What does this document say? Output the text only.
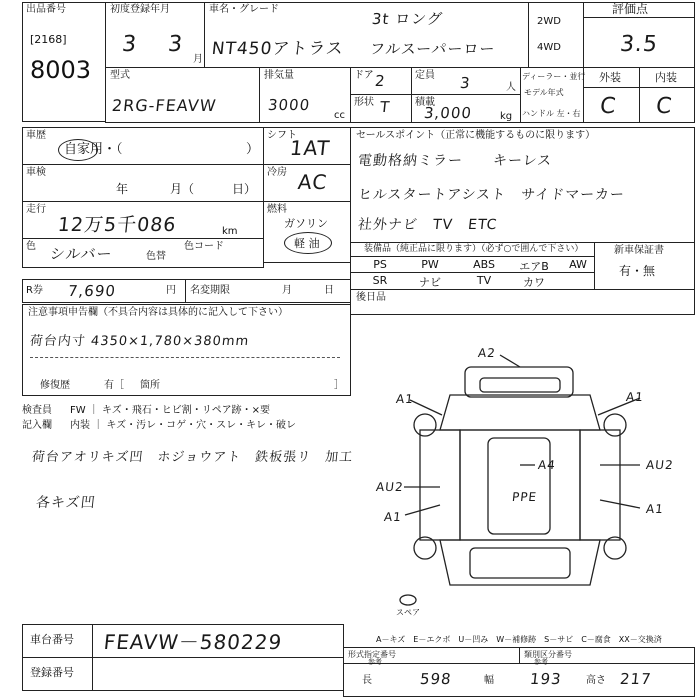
出品番号
[2168]
8003
初度登録年月
3 3
月
車名・グレード
3t ロング
NT450アトラス フルスーパーロー
2WD
4WD
評価点
3.5
型式
2RG-FEAVW
排気量
3000
cc
ドア 2	定員 3	人
ディーラー・並行
モデル年式
ハンドル 左・右
形状 T 積載
3,000	kg
外装	内装
C C
車歴
自家用・（	）
シフト
1AT
車検
年	月（	日）
冷房 AC
走行
12万5千086	km
燃料
ガソリン
軽 油
色 シルバー	色替
色コード
R券 7,690	円 名変期限	月	日
セールスポイント（正常に機能するものに限ります）
電動格納ミラー　　キーレス
ヒルスタートアシスト　サイドマーカー
社外ナビ　TV　ETC
装備品（純正品に限ります）（必ず○で囲んで下さい）
PS	PW	ABS	エアB	AW
SR	ナビ	TV	カワ
新車保証書
有・無
後日品
注意事項申告欄（不具合内容は具体的に記入して下さい）
荷台内寸 4350×1,780×380mm
修復歴	有［ 箇所	］
検査員
記入欄
FW ｜ キズ・飛石・ヒビ割・リペア跡・×要
内装 ｜ キズ・汚レ・コゲ・穴・スレ・キレ・破レ
荷台アオリキズ凹　ホジョウアト　鉄板張リ　加工
各キズ凹
A2
A1	A1
AU2
AU2
A1
A1
A4
PPE
スペア
A－キズ　E－エクボ　U－凹み　W－補修跡　S－サビ　C－腐食　XX－交換済
車台番号 FEAVW－580229
登録番号
形式指定番号	類別区分番号
参考	参考
長	598	幅 193 高さ 217
